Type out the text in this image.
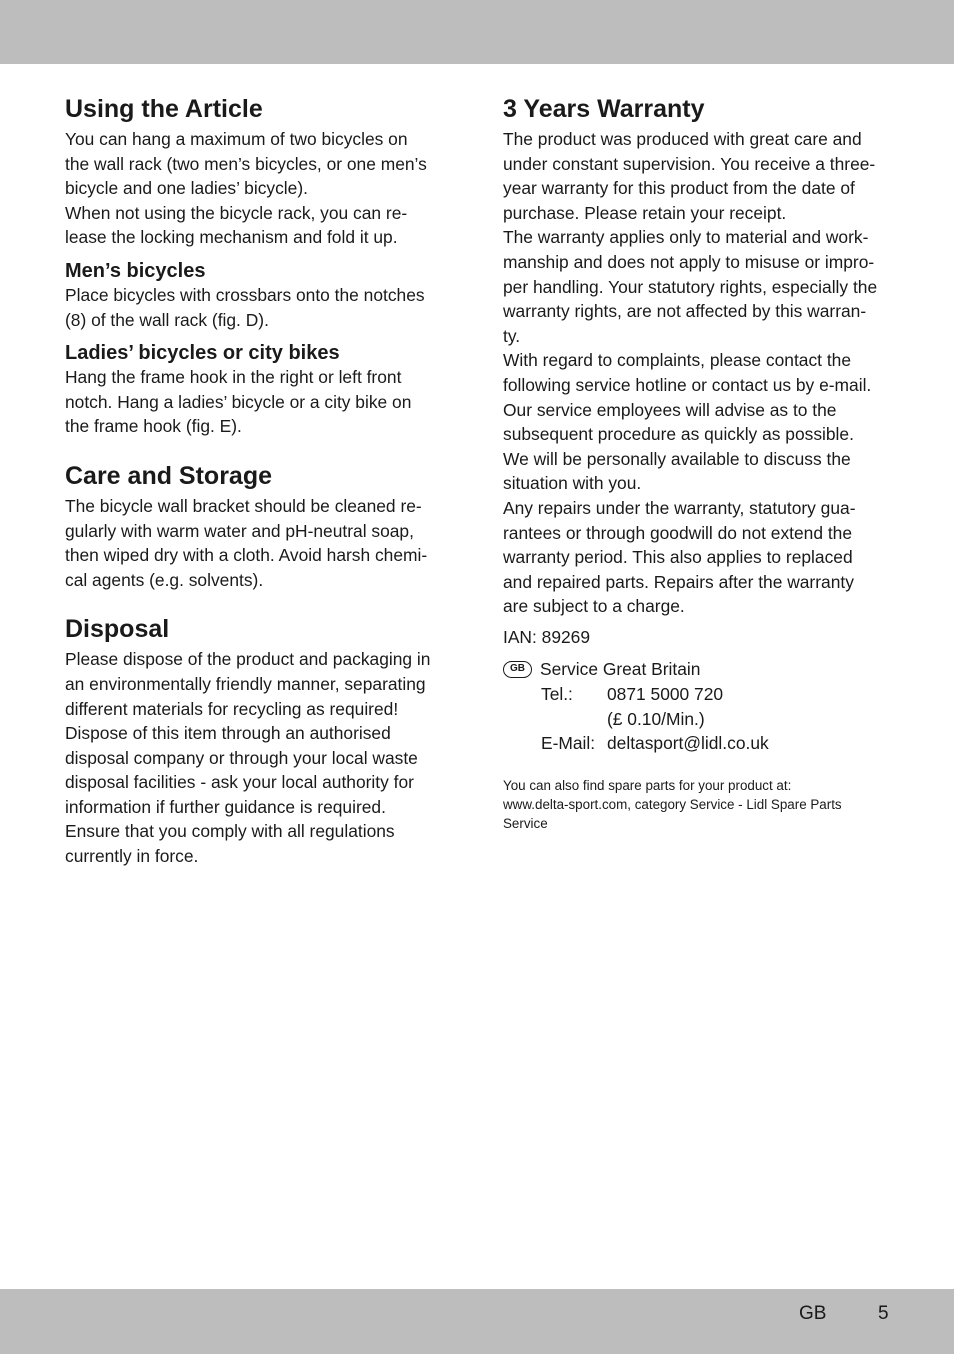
Using the Article
You can hang a maximum of two bicycles on
the wall rack (two men’s bicycles, or one men’s
bicycle and one ladies’ bicycle).
When not using the bicycle rack, you can re-
lease the locking mechanism and fold it up.
Men’s bicycles
Place bicycles with crossbars onto the notches
(8) of the wall rack (fig. D).
Ladies’ bicycles or city bikes
Hang the frame hook in the right or left front
notch. Hang a ladies’ bicycle or a city bike on
the frame hook (fig. E).
Care and Storage
The bicycle wall bracket should be cleaned re-
gularly with warm water and pH-neutral soap,
then wiped dry with a cloth. Avoid harsh chemi-
cal agents (e.g. solvents).
Disposal
Please dispose of the product and packaging in
an environmentally friendly manner, separating
different materials for recycling as required!
Dispose of this item through an authorised
disposal company or through your local waste
disposal facilities - ask your local authority for
information if further guidance is required.
Ensure that you comply with all regulations
currently in force.
3 Years Warranty
The product was produced with great care and
under constant supervision. You receive a three-
year warranty for this product from the date of
purchase. Please retain your receipt.
The warranty applies only to material and work-
manship and does not apply to misuse or impro-
per handling. Your statutory rights, especially the
warranty rights, are not affected by this warran-
ty.
With regard to complaints, please contact the
following service hotline or contact us by e-mail.
Our service employees will advise as to the
subsequent procedure as quickly as possible.
We will be personally available to discuss the
situation with you.
Any repairs under the warranty, statutory gua-
rantees or through goodwill do not extend the
warranty period. This also applies to replaced
and repaired parts. Repairs after the warranty
are subject to a charge.
IAN: 89269
GB Service Great Britain
Tel.:	0871 5000 720
(£ 0.10/Min.)
E-Mail: deltasport@lidl.co.uk
You can also find spare parts for your product at:
www.delta-sport.com, category Service - Lidl Spare Parts
Service
GB	5
